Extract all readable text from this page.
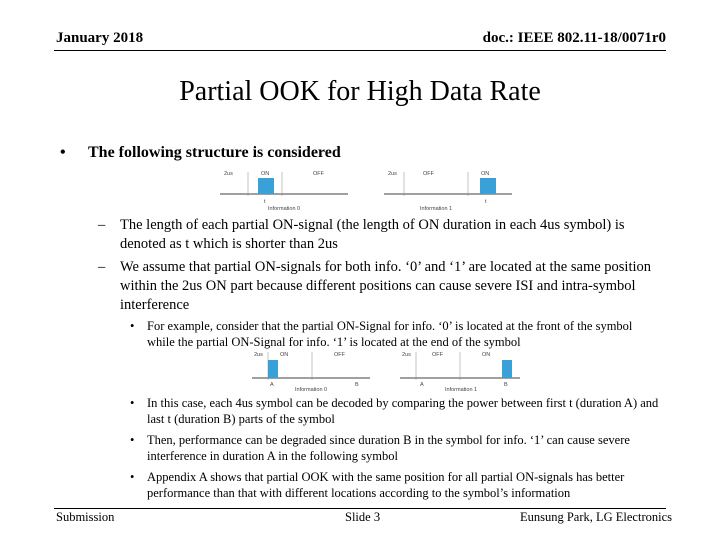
January 2018	doc.: IEEE 802.11-18/0071r0
Partial OOK for High Data Rate
• The following structure is considered
2us	ON	OFF
t
Information 0
2us	OFF	ON
t
Information 1
– The length of each partial ON-signal (the length of ON duration in each 4us symbol) is denoted as t which is shorter than 2us
– We assume that partial ON-signals for both info. ‘0’ and ‘1’ are located at the same position within the 2us ON part because different positions can cause severe ISI and intra-symbol interference
• For example, consider that the partial ON-Signal for info. ‘0’ is located at the front of the symbol while the partial ON-Signal for info. ‘1’ is located at the end of the symbol
2us	ON	OFF
A	B
Information 0
2us	OFF	ON
A	B
Information 1
• In this case, each 4us symbol can be decoded by comparing the power between first t (duration A) and last t (duration B) parts of the symbol
• Then, performance can be degraded since duration B in the symbol for info. ‘1’ can cause severe interference in duration A in the following symbol
• Appendix A shows that partial OOK with the same position for all partial ON-signals has better performance than that with different locations according to the symbol’s information
Submission	Slide 3	Eunsung Park, LG Electronics
